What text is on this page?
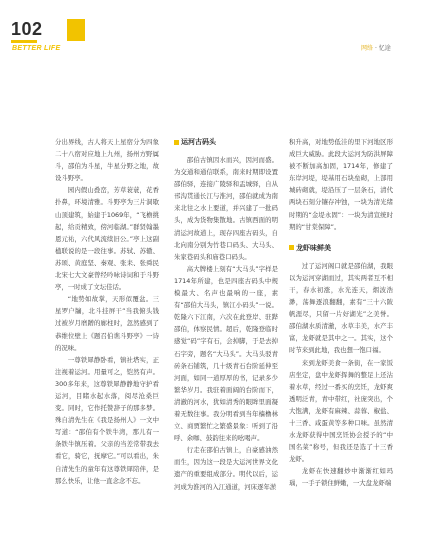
102
BETTER LIFE	网络 · 忆途

分出界线，古人将天上星宿分为四象二十八宿对应地上九州，扬州方野属斗，邵伯为斗星，牛星分野之地，故设斗野亭。

园内假山叠峦，芳草蓑蓑，花香扑鼻，环境清雅。斗野亭为三片洞歇山顶建筑，始建于1069年，“飞檐挑起，给贡精致，傍河临湖。”群贤翰墨恩元祐，六代风流续旧公。”亭上这副楹联说的是一段往事。苏轼、苏辙、苏颂、黄庭坚、秦观、张耒、张舜民北宋七大文豪曾经吟咏诗词和于斗野亭，一时成了文坛佳话。

“地势如故掌，天形似覆盆。三星罗户牖，北斗挂屏干”当我俯头钱过被岁月磨蹭的廊柱时，忽然感到了恭维位壁上《题召伯谯斗野亭》一诗的况味。

一尊铁犀静卧看，镇社塔实，正注视着运河。用量可之，铠然有声。300多年来，这尊铁犀静静地守护看运河，目睹水起水落，阅尽沧桑巨变。同时，它作托赞辞子的那多梦。殊自清先生在《我是扬州人》一文中写道：“邵伯有个铁牛湾，那儿有一条铁牛镇压着。父亲的当差常带我去看它，骑它，抚摩它。”可以看出，朱自清先生的童年有这尊铁犀陪伴，是那么快乐，让他一直念念不忘。

运河古码头

邵伯古镇因水而兴，因河而盛。为交通和通信联系，南来时期即设置邵伯驿，连接广陵驿和盂城驿，自从邗沟贯通长江与淮河，邵伯就成为南来北往之水上要道，并兴建了一批码头，成为货物集散地。古镇西面的明清运河故道上，现存四座古码头，自北向南分别为竹巷口码头、大马头、朱家巷码头和庙巷口码头。

高大牌楼上刻有“大马头”字样是1714年所建，也是四座古码头中规模最大、名声也最响的一座，素有“邵伯大马头，镇江小码头”一说。乾隆六下江南，六次在此登岸、驻跸邵伯，体察民情。超后，乾隆登临时感觉“码”字有石，会掉脚，于是去掉石字旁，题名“大马头”。大马头驳青砖条石铺筑，几十级青石台阶延伸至河面，如同一道厚厚的书，记录多少繁华岁月。我驻着面阔的台阶而下，清澈的河水，犹如清秀的眼眸里面凝着无数往事。我分明看到当年樯橹林立、商贾繁忙之繁盛景象：听到了沿呼、余咖、鼓韵往来的吆喝声。

行走在邵伯古镇上，自豪感油然而生，因为这一段是大运河世界文化遗产的重要组成部分。明代以后，运河成为淮河的入江通道，河床逐年淤

积升高，对地势低洼的里下河地区形成巨大威胁。此段大运河为防洪屏障被不断加高加固，1714年，修建了东岸河堤，堤基用石块垒砌，上部用城砖砌就，堤沿压了一层条石，清代两块石刻分镶存冲蚀，一块为清光绪时期的“金堤永固”：一块为清宣统时期的“甘棠保障”。

龙虾味鲜美

过了运河阁口就是邵伯湖，我眼以为运河穿湖而过，其实两者互不相干，春水初涨，水光连天，烟波浩渺，荡舞逐浪翻翻，素有“三十六陂帆涯尽，只留一片好湖光”之美誉。邵伯湖水质清澈，水草丰美，水产丰富，龙虾就是其中之一。其实，这个时节来到此地，我也想一饱口福。

来到龙虾美食一条街，在一家饭店坐定，盘中龙虾挥舞的整足上还沾着水草，经过一番买的烹饪，龙虾爽透明泛青，青中带红，社庞突出，个大饱满，龙虾有麻辣、蒜蓉、椒盐、十三香、咸蛋黄等多种口味。虽然清水龙虾获得中国烹饪协会授予的“中国名菜”称号，但我还是选了十三香龙虾。

龙虾在快速翻炒中渐渐红如玛瑙，一手子锁住鲜嫩，一大盘龙虾端
